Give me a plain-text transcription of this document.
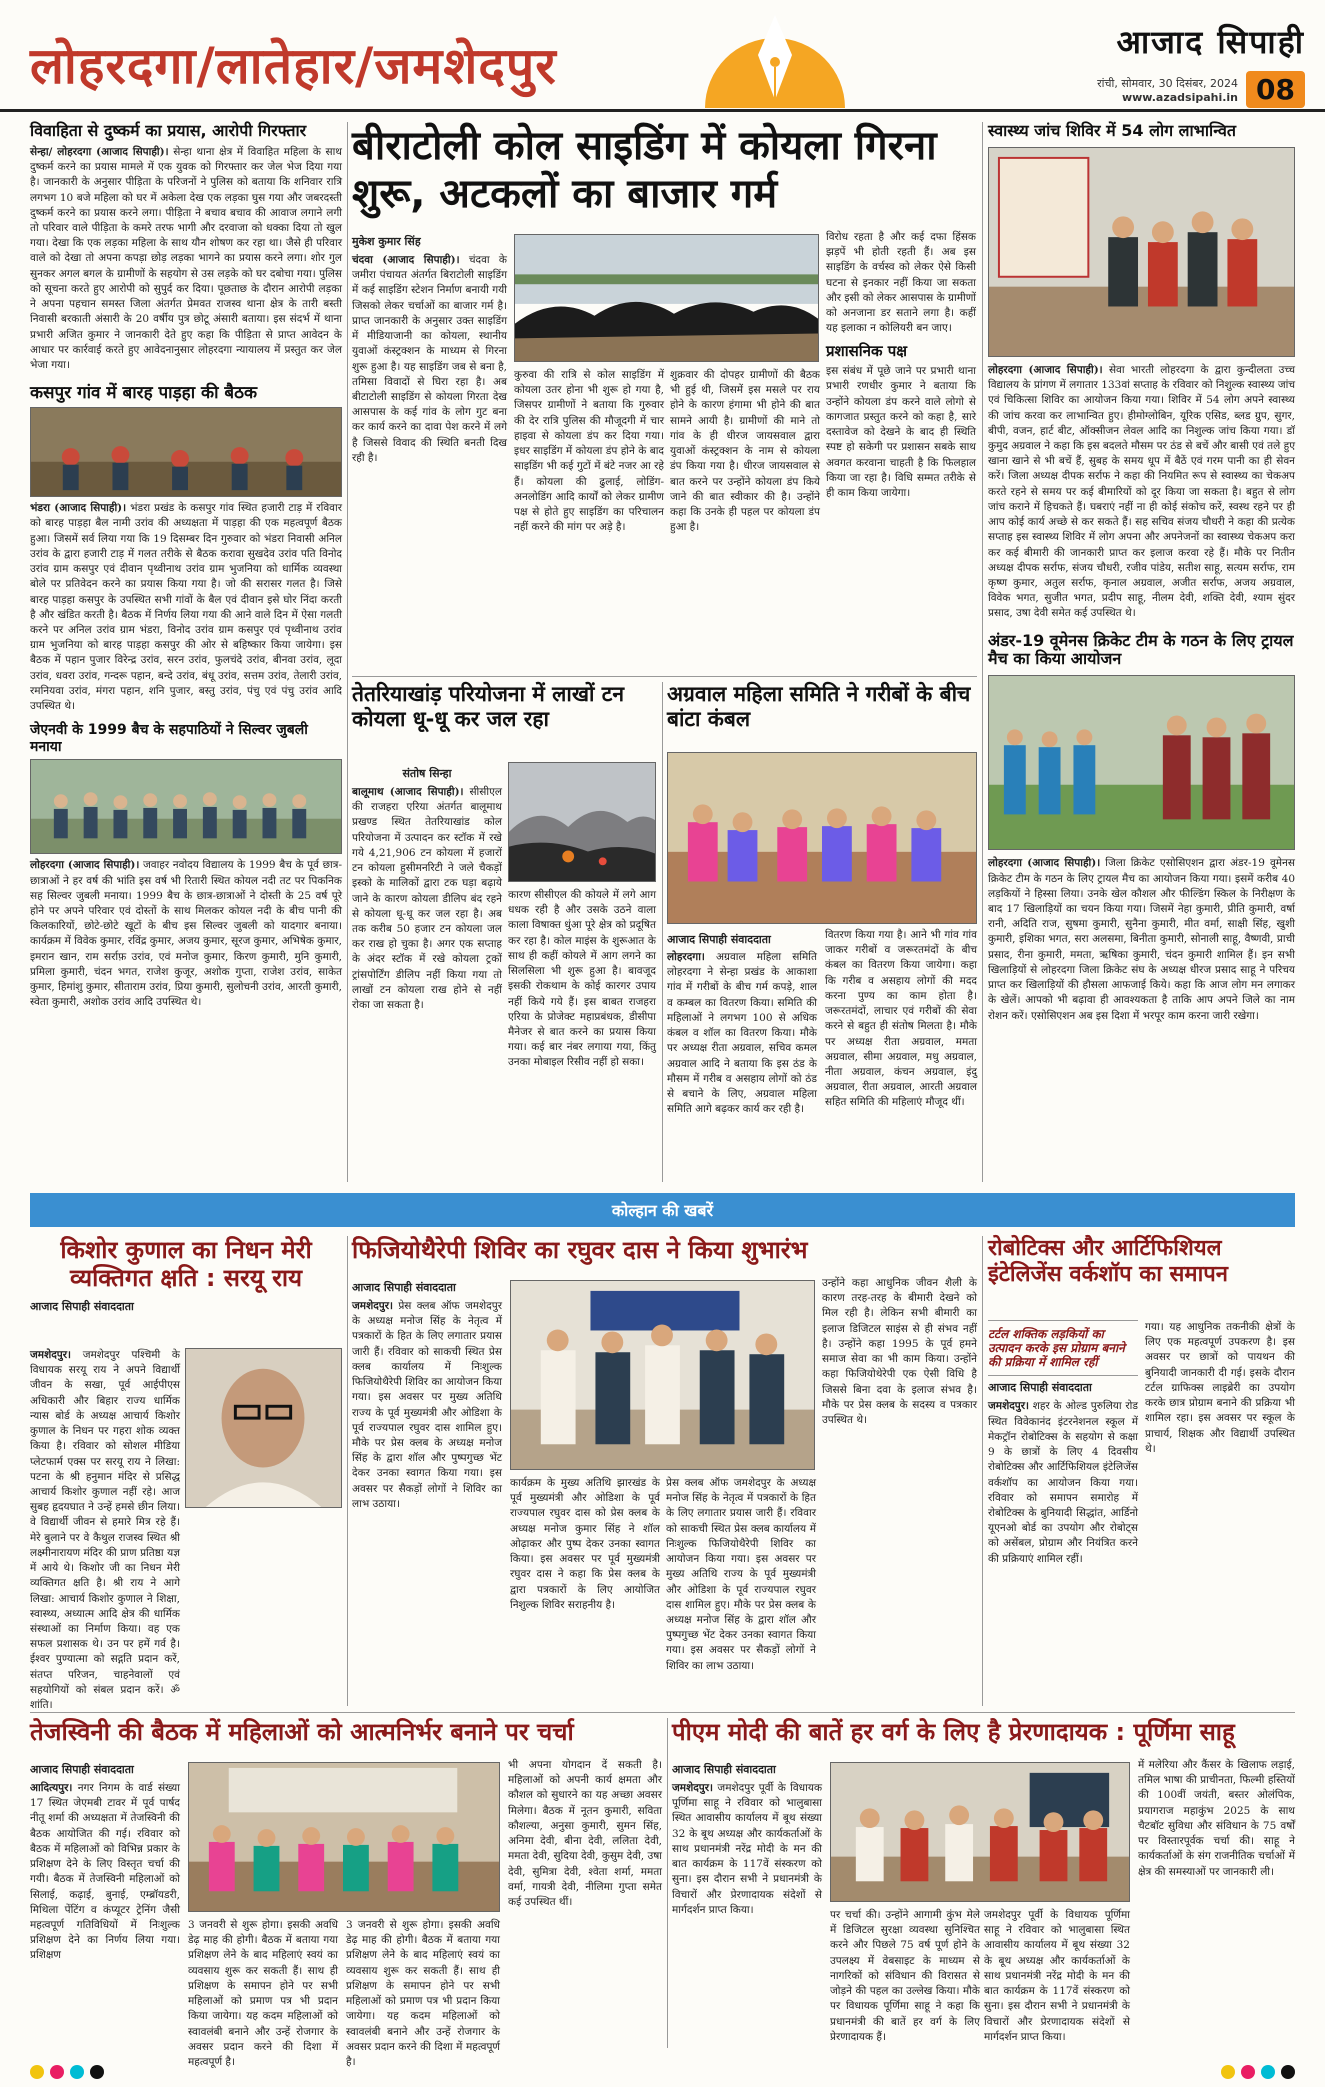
लोहरदगा/लातेहार/जमशेदपुर	आजाद सिपाही
रांची, सोमवार, 30 दिसंबर, 2024
www.azadsipahi.in 08
विवाहिता से दुष्कर्म का प्रयास, आरोपी गिरफ्तार
सेन्हा/ लोहरदगा (आजाद सिपाही)। सेन्हा थाना क्षेत्र में विवाहित महिला के साथ दुष्कर्म करने का प्रयास मामले में एक युवक को गिरफ्तार कर जेल भेज दिया गया है। जानकारी के अनुसार पीड़िता के परिजनों ने पुलिस को बताया कि शनिवार रात्रि लगभग 10 बजे महिला को घर में अकेला देख एक लड़का घुस गया और जबरदस्ती दुष्कर्म करने का प्रयास करने लगा। पीड़िता ने बचाव बचाव की आवाज लगाने लगी तो परिवार वाले पीड़िता के कमरे तरफ भागी और दरवाजा को धक्का दिया तो खुल गया। देखा कि एक लड़का महिला के साथ यौन शोषण कर रहा था। जैसे ही परिवार वाले को देखा तो अपना कपड़ा छोड़ लड़का भागने का प्रयास करने लगा। शोर गुल सुनकर अगल बगल के ग्रामीणों के सहयोग से उस लड़के को घर दबोचा गया। पुलिस को सूचना करते हुए आरोपी को सुपुर्द कर दिया। पूछताछ के दौरान आरोपी लड़का ने अपना पहचान समस्त जिला अंतर्गत प्रेमवत राजस्व थाना क्षेत्र के तारी बस्ती निवासी बरकाती अंसारी के 20 वर्षीय पुत्र छोटू अंसारी बताया। इस संदर्भ में थाना प्रभारी अजित कुमार ने जानकारी देते हुए कहा कि पीड़िता से प्राप्त आवेदन के आधार पर कार्रवाई करते हुए आवेदनानुसार लोहरदगा न्यायालय में प्रस्तुत कर जेल भेजा गया।
कसपुर गांव में बारह पाड़हा की बैठक
भंडरा (आजाद सिपाही)। भंडरा प्रखंड के कसपुर गांव स्थित हजारी टाड़ में रविवार को बारह पाड़हा बैल नामी उरांव की अध्यक्षता में पाड़हा की एक महत्वपूर्ण बैठक हुआ। जिसमें सर्व लिया गया कि 19 दिसम्बर दिन गुरुवार को भंडरा निवासी अनिल उरांव के द्वारा हजारी टाड़ में गलत तरीके से बैठक करावा सुखदेव उरांव पति विनोद उरांव ग्राम कसपुर एवं दीवान पृथ्वीनाथ उरांव ग्राम भुजनिया को धार्मिक व्यवस्था बोले पर प्रतिवेदन करने का प्रयास किया गया है। जो की सरासर गलत है। जिसे बारह पाड़हा कसपुर के उपस्थित सभी गांवों के बैल एवं दीवान इसे घोर निंदा करती है और खंडित करती है। बैठक में निर्णय लिया गया की आने वाले दिन में ऐसा गलती करने पर अनिल उरांव ग्राम भंडरा, विनोद उरांव ग्राम कसपुर एवं पृथ्वीनाथ उरांव ग्राम भुजनिया को बारह पाड़हा कसपुर की ओर से बहिष्कार किया जायेगा। इस बैठक में पहान पुजार विरेन्द्र उरांव, सरन उरांव, फुलचंदे उरांव, बीनवा उरांव, लूदा उरांव, धवरा उरांव, गन्दरू पहान, बन्दे उरांव, बंधू उरांव, सत्तम उरांव, तेलारी उरांव, रमनियवा उरांव, मंगरा पहान, शनि पुजार, बस्तु उरांव, पंचु एवं पंचु उरांव आदि उपस्थित थे।
जेएनवी के 1999 बैच के सहपाठियों ने सिल्वर जुबली मनाया
लोहरदगा (आजाद सिपाही)। जवाहर नवोदय विद्यालय के 1999 बैच के पूर्व छात्र-छात्राओं ने हर वर्ष की भांति इस वर्ष भी रितारी स्थित कोयल नदी तट पर पिकनिक सह सिल्वर जुबली मनाया। 1999 बैच के छात्र-छात्राओं ने दोस्ती के 25 वर्ष पूरे होने पर अपने परिवार एवं दोस्तों के साथ मिलकर कोयल नदी के बीच पानी की किलकारियों, छोटे-छोटे खूटों के बीच इस सिल्वर जुबली को यादगार बनाया। कार्यक्रम में विवेक कुमार, रविंद्र कुमार, अजय कुमार, सूरज कुमार, अभिषेक कुमार, इमरान खान, राम सर्राफ़ उरांव, एवं मनोज कुमार, किरण कुमारी, मुनि कुमारी, प्रमिला कुमारी, चंदन भगत, राजेश कुजूर, अशोक गुप्ता, राजेश उरांव, साकेत कुमार, हिमांशु कुमार, सीताराम उरांव, प्रिया कुमारी, सुलोचनी उरांव, आरती कुमारी, स्वेता कुमारी, अशोक उरांव आदि उपस्थित थे।
बीराटोली कोल साइडिंग में कोयला गिरना शुरू, अटकलों का बाजार गर्म
मुकेश कुमार सिंह
चंदवा (आजाद सिपाही)। चंदवा के जमीरा पंचायत अंतर्गत बिराटोली साइडिंग में कई साइडिंग स्टेशन निर्माण बनायी गयी जिसको लेकर चर्चाओं का बाजार गर्म है। प्राप्त जानकारी के अनुसार उक्त साइडिंग में मीडियाजानी का कोयला, स्थानीय युवाओं कंस्ट्रक्शन के माध्यम से गिरना शुरू हुआ है। यह साइडिंग जब से बना है, तमिसा विवादों से घिरा रहा है। अब बीटाटोली साइडिंग से कोयला गिरता देख आसपास के कई गांव के लोग गुट बना कर कार्य करने का दावा पेश करने में लगे है जिससे विवाद की स्थिति बनती दिख रही है।
कुरुवा की रात्रि से कोल साइडिंग में कोयला उतर होना भी शुरू हो गया है, जिसपर ग्रामीणों ने बताया कि गुरुवार की देर रात्रि पुलिस की मौजूदगी में चार हाइवा से कोयला डंप कर दिया गया। इधर साइडिंग में कोयला डंप होने के बाद साइडिंग भी कई गुटों में बंटे नजर आ रहे हैं। कोयला की ढुलाई, लोडिंग-अनलोडिंग आदि कार्यों को लेकर ग्रामीण पक्ष से होते हुए साइडिंग का परिचालन नहीं करने की मांग पर अड़े है।
शुक्रवार की दोपहर ग्रामीणों की बैठक भी हुई थी, जिसमें इस मसले पर राय होने के कारण हंगामा भी होने की बात सामने आयी है। ग्रामीणों की माने तो गांव के ही धीरज जायसवाल द्वारा युवाओं कंस्ट्रक्शन के नाम से कोयला डंप किया गया है। धीरज जायसवाल से बात करने पर उन्होंने कोयला डंप किये जाने की बात स्वीकार की है। उन्होंने कहा कि उनके ही पहल पर कोयला डंप हुआ है।
विरोध रहता है और कई दफा हिंसक झड़पें भी होती रहती हैं। अब इस साइडिंग के वर्चस्व को लेकर ऐसे किसी घटना से इनकार नहीं किया जा सकता और इसी को लेकर आसपास के ग्रामीणों को अनजाना डर सताने लगा है। कहीं यह इलाका न कोलियरी बन जाए।
प्रशासनिक पक्ष
इस संबंध में पूछे जाने पर प्रभारी थाना प्रभारी रणधीर कुमार ने बताया कि उन्होंने कोयला डंप करने वाले लोगो से कागजात प्रस्तुत करने को कहा है, सारे दस्तावेज को देखने के बाद ही स्थिति स्पष्ट हो सकेगी पर प्रशासन सबके साथ अवगत करवाना चाहती है कि फिलहाल किया जा रहा है। विधि सम्मत तरीके से ही काम किया जायेगा।
तेतरियाखांड़ परियोजना में लाखों टन कोयला धू-धू कर जल रहा
संतोष सिन्हा
बालूमाथ (आजाद सिपाही)। सीसीएल की राजहरा एरिया अंतर्गत बालूमाथ प्रखण्ड स्थित तेतरियाखांड कोल परियोजना में उत्पादन कर स्टॉक में रखे गये 4,21,906 टन कोयला में हजारों टन कोयला हुसीमनरिटी ने जले चैकड़ों इस्को के मालिकों द्वारा टक घड़ा बढ़ाये जाने के कारण कोयला डीलिप बंद रहने से कोयला धू-धू कर जल रहा है। अब तक करीब 50 हजार टन कोयला जल कर राख हो चुका है। अगर एक सप्ताह के अंदर स्टॉक में रखे कोयला ट्रकों ट्रांसपोर्टिंग डीलिप नहीं किया गया तो लाखों टन कोयला राख होने से नहीं रोका जा सकता है।
कारण सीसीएल की कोयले में लगे आग धधक रही है और उसके उठने वाला काला विषाक्त धुंआ पूरे क्षेत्र को प्रदूषित कर रहा है। कोल माइंस के शुरूआत के साथ ही कहीं कोयले में आग लगने का सिलसिला भी शुरू हुआ है। बावजूद इसकी रोकथाम के कोई कारगर उपाय नहीं किये गये हैं। इस बाबत राजहरा एरिया के प्रोजेक्ट महाप्रबंधक, डीसीपा मैनेजर से बात करने का प्रयास किया गया। कई बार नंबर लगाया गया, किंतु उनका मोबाइल रिसीव नहीं हो सका।
अग्रवाल महिला समिति ने गरीबों के बीच बांटा कंबल
आजाद सिपाही संवाददाता
लोहरदगा। अग्रवाल महिला समिति लोहरदगा ने सेन्हा प्रखंड के आकाशा गांव में गरीबों के बीच गर्म कपड़े, शाल व कम्बल का वितरण किया। समिति की महिलाओं ने लगभग 100 से अधिक कंबल व शॉल का वितरण किया। मौके पर अध्यक्ष रीता अग्रवाल, सचिव कमल अग्रवाल आदि ने बताया कि इस ठंड के मौसम में गरीब व असहाय लोगों को ठंड से बचाने के लिए, अग्रवाल महिला समिति आगे बढ़कर कार्य कर रही है।
वितरण किया गया है। आने भी गांव गांव जाकर गरीबों व जरूरतमंदों के बीच कंबल का वितरण किया जायेगा। कहा कि गरीब व असहाय लोगों की मदद करना पुण्य का काम होता है। जरूरतमंदों, लाचार एवं गरीबों की सेवा करने से बहुत ही संतोष मिलता है। मौके पर अध्यक्ष रीता अग्रवाल, ममता अग्रवाल, सीमा अग्रवाल, मधु अग्रवाल, नीता अग्रवाल, कंचन अग्रवाल, इंदु अग्रवाल, रीता अग्रवाल, आरती अग्रवाल सहित समिति की महिलाएं मौजूद थीं।
स्वास्थ्य जांच शिविर में 54 लोग लाभान्वित
लोहरदगा (आजाद सिपाही)। सेवा भारती लोहरदगा के द्वारा कुन्दीलता उच्च विद्यालय के प्रांगण में लगातार 133वां सप्ताह के रविवार को निशुल्क स्वास्थ्य जांच एवं चिकित्सा शिविर का आयोजन किया गया। शिविर में 54 लोग अपने स्वास्थ्य की जांच करवा कर लाभान्वित हुए। हीमोग्लोबिन, यूरिक एसिड, ब्लड ग्रुप, सुगर, बीपी, वजन, हार्ट बीट, ऑक्सीजन लेवल आदि का निशुल्क जांच किया गया। डॉ कुमुद अग्रवाल ने कहा कि इस बदलते मौसम पर ठंड से बचें और बासी एवं तले हुए खाना खाने से भी बचें हैं, सुबह के समय धूप में बैठें एवं गरम पानी का ही सेवन करें। जिला अध्यक्ष दीपक सर्राफ ने कहा की नियमित रूप से स्वास्थ्य का चेकअप करते रहने से समय पर कई बीमारियों को दूर किया जा सकता है। बहुत से लोग जांच कराने में हिचकते हैं। घबराएं नहीं ना ही कोई संकोच करें, स्वस्थ रहने पर ही आप कोई कार्य अच्छे से कर सकते हैं। सह सचिव संजय चौधरी ने कहा की प्रत्येक सप्ताह इस स्वास्थ्य शिविर में लोग अपना और अपनेजनों का स्वास्थ्य चेकअप करा कर कई बीमारी की जानकारी प्राप्त कर इलाज करवा रहे हैं। मौके पर नितीन अध्यक्ष दीपक सर्राफ, संजय चौधरी, रजीव पांडेय, सतीश साहू, सत्यम सर्राफ, राम कृष्ण कुमार, अतुल सर्राफ, कृनाल अग्रवाल, अजीत सर्राफ, अजय अग्रवाल, विवेक भगत, सुजीत भगत, प्रदीप साहू, नीलम देवी, शक्ति देवी, श्याम सुंदर प्रसाद, उषा देवी समेत कई उपस्थित थे।
अंडर-19 वूमेनस क्रिकेट टीम के गठन के लिए ट्रायल मैच का किया आयोजन
लोहरदगा (आजाद सिपाही)। जिला क्रिकेट एसोसिएशन द्वारा अंडर-19 वूमेनस क्रिकेट टीम के गठन के लिए ट्रायल मैच का आयोजन किया गया। इसमें करीब 40 लड़कियों ने हिस्सा लिया। उनके खेल कौशल और फील्डिंग स्किल के निरीक्षण के बाद 17 खिलाड़ियों का चयन किया गया। जिसमें नेहा कुमारी, प्रीति कुमारी, वर्षा रानी, अदिति राज, सुषमा कुमारी, सुनैना कुमारी, मीत वर्मा, साक्षी सिंह, खुशी कुमारी, इशिका भगत, सरा अलसमा, बिनीता कुमारी, सोनाली साहू, वैष्णवी, प्राची प्रसाद, रीना कुमारी, ममता, ऋषिका कुमारी, चंदन कुमारी शामिल हैं। इन सभी खिलाड़ियों से लोहरदगा जिला क्रिकेट संघ के अध्यक्ष धीरज प्रसाद साहू ने परिचय प्राप्त कर खिलाड़ियों की हौसला आफजाई किये। कहा कि आज लोग मन लगाकर के खेलें। आपको भी बढ़ावा ही आवश्यकता है ताकि आप अपने जिले का नाम रोशन करें। एसोसिएशन अब इस दिशा में भरपूर काम करना जारी रखेगा।
कोल्हान की खबरें
किशोर कुणाल का निधन मेरी व्यक्तिगत क्षति : सरयू राय
आजाद सिपाही संवाददाता
जमशेदपुर। जमशेदपुर पश्चिमी के विधायक सरयू राय ने अपने विद्यार्थी जीवन के सखा, पूर्व आईपीएस अधिकारी और बिहार राज्य धार्मिक न्यास बोर्ड के अध्यक्ष आचार्य किशोर कुणाल के निधन पर गहरा शोक व्यक्त किया है। रविवार को सोशल मीडिया प्लेटफार्म एक्स पर सरयू राय ने लिखा: पटना के श्री हनुमान मंदिर से प्रसिद्ध आचार्य किशोर कुणाल नहीं रहे। आज सुबह हृदयघात ने उन्हें हमसे छीन लिया। वे विद्यार्थी जीवन से हमारे मित्र रहे हैं। मेरे बुलाने पर वे कैथुल राजस्व स्थित श्री लक्ष्मीनारायण मंदिर की प्राण प्रतिष्ठा यज्ञ में आये थे। किशोर जी का निधन मेरी व्यक्तिगत क्षति है। श्री राय ने आगे लिखा: आचार्य किशोर कुणाल ने शिक्षा, स्वास्थ्य, अध्यात्म आदि क्षेत्र की धार्मिक संस्थाओं का निर्माण किया। वह एक सफल प्रशासक थे। उन पर हमें गर्व है। ईश्वर पुण्यात्मा को सद्गति प्रदान करें, संतप्त परिजन, चाहनेवालों एवं सहयोगियों को संबल प्रदान करें। ॐ शांति।
फिजियोथैरेपी शिविर का रघुवर दास ने किया शुभारंभ
आजाद सिपाही संवाददाता
जमशेदपुर। प्रेस क्लब ऑफ जमशेदपुर के अध्यक्ष मनोज सिंह के नेतृत्व में पत्रकारों के हित के लिए लगातार प्रयास जारी हैं। रविवार को साकची स्थित प्रेस क्लब कार्यालय में निःशुल्क फिजियोथैरेपी शिविर का आयोजन किया गया। इस अवसर पर मुख्य अतिथि राज्य के पूर्व मुख्यमंत्री और ओडिशा के पूर्व राज्यपाल रघुवर दास शामिल हुए। मौके पर प्रेस क्लब के अध्यक्ष मनोज सिंह के द्वारा शॉल और पुष्पगुच्छ भेंट देकर उनका स्वागत किया गया। इस अवसर पर सैकड़ों लोगों ने शिविर का लाभ उठाया।
कार्यक्रम के मुख्य अतिथि झारखंड के पूर्व मुख्यमंत्री और ओडिशा के पूर्व राज्यपाल रघुवर दास को प्रेस क्लब के अध्यक्ष मनोज कुमार सिंह ने शॉल ओढ़ाकर और पुष्प देकर उनका स्वागत किया। इस अवसर पर पूर्व मुख्यमंत्री रघुवर दास ने कहा कि प्रेस क्लब के द्वारा पत्रकारों के लिए आयोजित निशुल्क शिविर सराहनीय है।
प्रेस क्लब ऑफ जमशेदपुर के अध्यक्ष मनोज सिंह के नेतृत्व में पत्रकारों के हित के लिए लगातार प्रयास जारी हैं। रविवार को साकची स्थित प्रेस क्लब कार्यालय में निःशुल्क फिजियोथैरेपी शिविर का आयोजन किया गया। इस अवसर पर मुख्य अतिथि राज्य के पूर्व मुख्यमंत्री और ओडिशा के पूर्व राज्यपाल रघुवर दास शामिल हुए। मौके पर प्रेस क्लब के अध्यक्ष मनोज सिंह के द्वारा शॉल और पुष्पगुच्छ भेंट देकर उनका स्वागत किया गया। इस अवसर पर सैकड़ों लोगों ने शिविर का लाभ उठाया।
उन्होंने कहा आधुनिक जीवन शैली के कारण तरह-तरह के बीमारी देखने को मिल रही है। लेकिन सभी बीमारी का इलाज डिजिटल साइंस से ही संभव नहीं है। उन्होंने कहा 1995 के पूर्व हमने समाज सेवा का भी काम किया। उन्होंने कहा फिजियोथेरेपी एक ऐसी विधि है जिससे बिना दवा के इलाज संभव है। मौके पर प्रेस क्लब के सदस्य व पत्रकार उपस्थित थे।
रोबोटिक्स और आर्टिफिशियल इंटेलिजेंस वर्कशॉप का समापन
टर्टल शक्तिक लड़कियों का उत्पादन करके इस प्रोग्राम बनाने की प्रक्रिया में शामिल रहीं
आजाद सिपाही संवाददाता
जमशेदपुर। शहर के ओल्ड पुरुलिया रोड स्थित विवेकानंद इंटरनेशनल स्कूल में मेकट्रॉन रोबोटिक्स के सहयोग से कक्षा 9 के छात्रों के लिए 4 दिवसीय रोबोटिक्स और आर्टिफिशियल इंटेलिजेंस वर्कशॉप का आयोजन किया गया। रविवार को समापन समारोह में रोबोटिक्स के बुनियादी सिद्धांत, आर्डिनो यूएनओ बोर्ड का उपयोग और रोबोट्स को असेंबल, प्रोग्राम और नियंत्रित करने की प्रक्रियाएं शामिल रहीं।
गया। यह आधुनिक तकनीकी क्षेत्रों के लिए एक महत्वपूर्ण उपकरण है। इस अवसर पर छात्रों को पायथन की बुनियादी जानकारी दी गई। इसके दौरान टर्टल ग्राफिक्स लाइब्रेरी का उपयोग करके छात्र प्रोग्राम बनाने की प्रक्रिया भी शामिल रहा। इस अवसर पर स्कूल के प्राचार्य, शिक्षक और विद्यार्थी उपस्थित थे।
तेजस्विनी की बैठक में महिलाओं को आत्मनिर्भर बनाने पर चर्चा
आजाद सिपाही संवाददाता
आदित्यपुर। नगर निगम के वार्ड संख्या 17 स्थित जेएमबी टावर में पूर्व पार्षद नीतू शर्मा की अध्यक्षता में तेजस्विनी की बैठक आयोजित की गई। रविवार को बैठक में महिलाओं को विभिन्न प्रकार के प्रशिक्षण देने के लिए विस्तृत चर्चा की गयी। बैठक में तेजस्विनी महिलाओं को सिलाई, कढ़ाई, बुनाई, एम्ब्रॉयडरी, मिथिला पेंटिंग व कंप्यूटर ट्रेनिंग जैसी महत्वपूर्ण गतिविधियों में निःशुल्क प्रशिक्षण देने का निर्णय लिया गया। प्रशिक्षण
3 जनवरी से शुरू होगा। इसकी अवधि डेढ़ माह की होगी। बैठक में बताया गया प्रशिक्षण लेने के बाद महिलाएं स्वयं का व्यवसाय शुरू कर सकती हैं। साथ ही प्रशिक्षण के समापन होने पर सभी महिलाओं को प्रमाण पत्र भी प्रदान किया जायेगा। यह कदम महिलाओं को स्वावलंबी बनाने और उन्हें रोजगार के अवसर प्रदान करने की दिशा में महत्वपूर्ण है।
3 जनवरी से शुरू होगा। इसकी अवधि डेढ़ माह की होगी। बैठक में बताया गया प्रशिक्षण लेने के बाद महिलाएं स्वयं का व्यवसाय शुरू कर सकती हैं। साथ ही प्रशिक्षण के समापन होने पर सभी महिलाओं को प्रमाण पत्र भी प्रदान किया जायेगा। यह कदम महिलाओं को स्वावलंबी बनाने और उन्हें रोजगार के अवसर प्रदान करने की दिशा में महत्वपूर्ण है।
भी अपना योगदान दें सकती है। महिलाओं को अपनी कार्य क्षमता और कौशल को सुधारने का यह अच्छा अवसर मिलेगा। बैठक में नूतन कुमारी, सविता कौशल्या, अनुसा कुमारी, सुमन सिंह, अनिमा देवी, बीना देवी, ललिता देवी, ममता देवी, सुदिया देवी, कुसुम देवी, उषा देवी, सुमित्रा देवी, श्वेता शर्मा, ममता वर्मा, गायत्री देवी, नीलिमा गुप्ता समेत कई उपस्थित थीं।
पीएम मोदी की बातें हर वर्ग के लिए है प्रेरणादायक : पूर्णिमा साहू
आजाद सिपाही संवाददाता
जमशेदपुर। जमशेदपुर पूर्वी के विधायक पूर्णिमा साहू ने रविवार को भालुबासा स्थित आवासीय कार्यालय में बूथ संख्या 32 के बूथ अध्यक्ष और कार्यकर्ताओं के साथ प्रधानमंत्री नरेंद्र मोदी के मन की बात कार्यक्रम के 117वें संस्करण को सुना। इस दौरान सभी ने प्रधानमंत्री के विचारों और प्रेरणादायक संदेशों से मार्गदर्शन प्राप्त किया।	पर चर्चा की। उन्होंने आगामी कुंभ मेले में डिजिटल सुरक्षा व्यवस्था सुनिश्चित करने और पिछले 75 वर्ष पूर्ण होने के उपलक्ष्य में वेबसाइट के माध्यम से नागरिकों को संविधान की विरासत से जोड़ने की पहल का उल्लेख किया। मौके पर विधायक पूर्णिमा साहू ने कहा कि प्रधानमंत्री की बातें हर वर्ग के लिए प्रेरणादायक हैं।
जमशेदपुर पूर्वी के विधायक पूर्णिमा साहू ने रविवार को भालुबासा स्थित आवासीय कार्यालय में बूथ संख्या 32 के बूथ अध्यक्ष और कार्यकर्ताओं के साथ प्रधानमंत्री नरेंद्र मोदी के मन की बात कार्यक्रम के 117वें संस्करण को सुना। इस दौरान सभी ने प्रधानमंत्री के विचारों और प्रेरणादायक संदेशों से मार्गदर्शन प्राप्त किया।
में मलेरिया और कैंसर के खिलाफ लड़ाई, तमिल भाषा की प्राचीनता, फिल्मी हस्तियों की 100वीं जयंती, बस्तर ओलंपिक, प्रयागराज महाकुंभ 2025 के साथ चैटबॉट सुविधा और संविधान के 75 वर्षों पर विस्तारपूर्वक चर्चा की। साहू ने कार्यकर्ताओं के संग राजनीतिक चर्चाओं में क्षेत्र की समस्याओं पर जानकारी ली।
